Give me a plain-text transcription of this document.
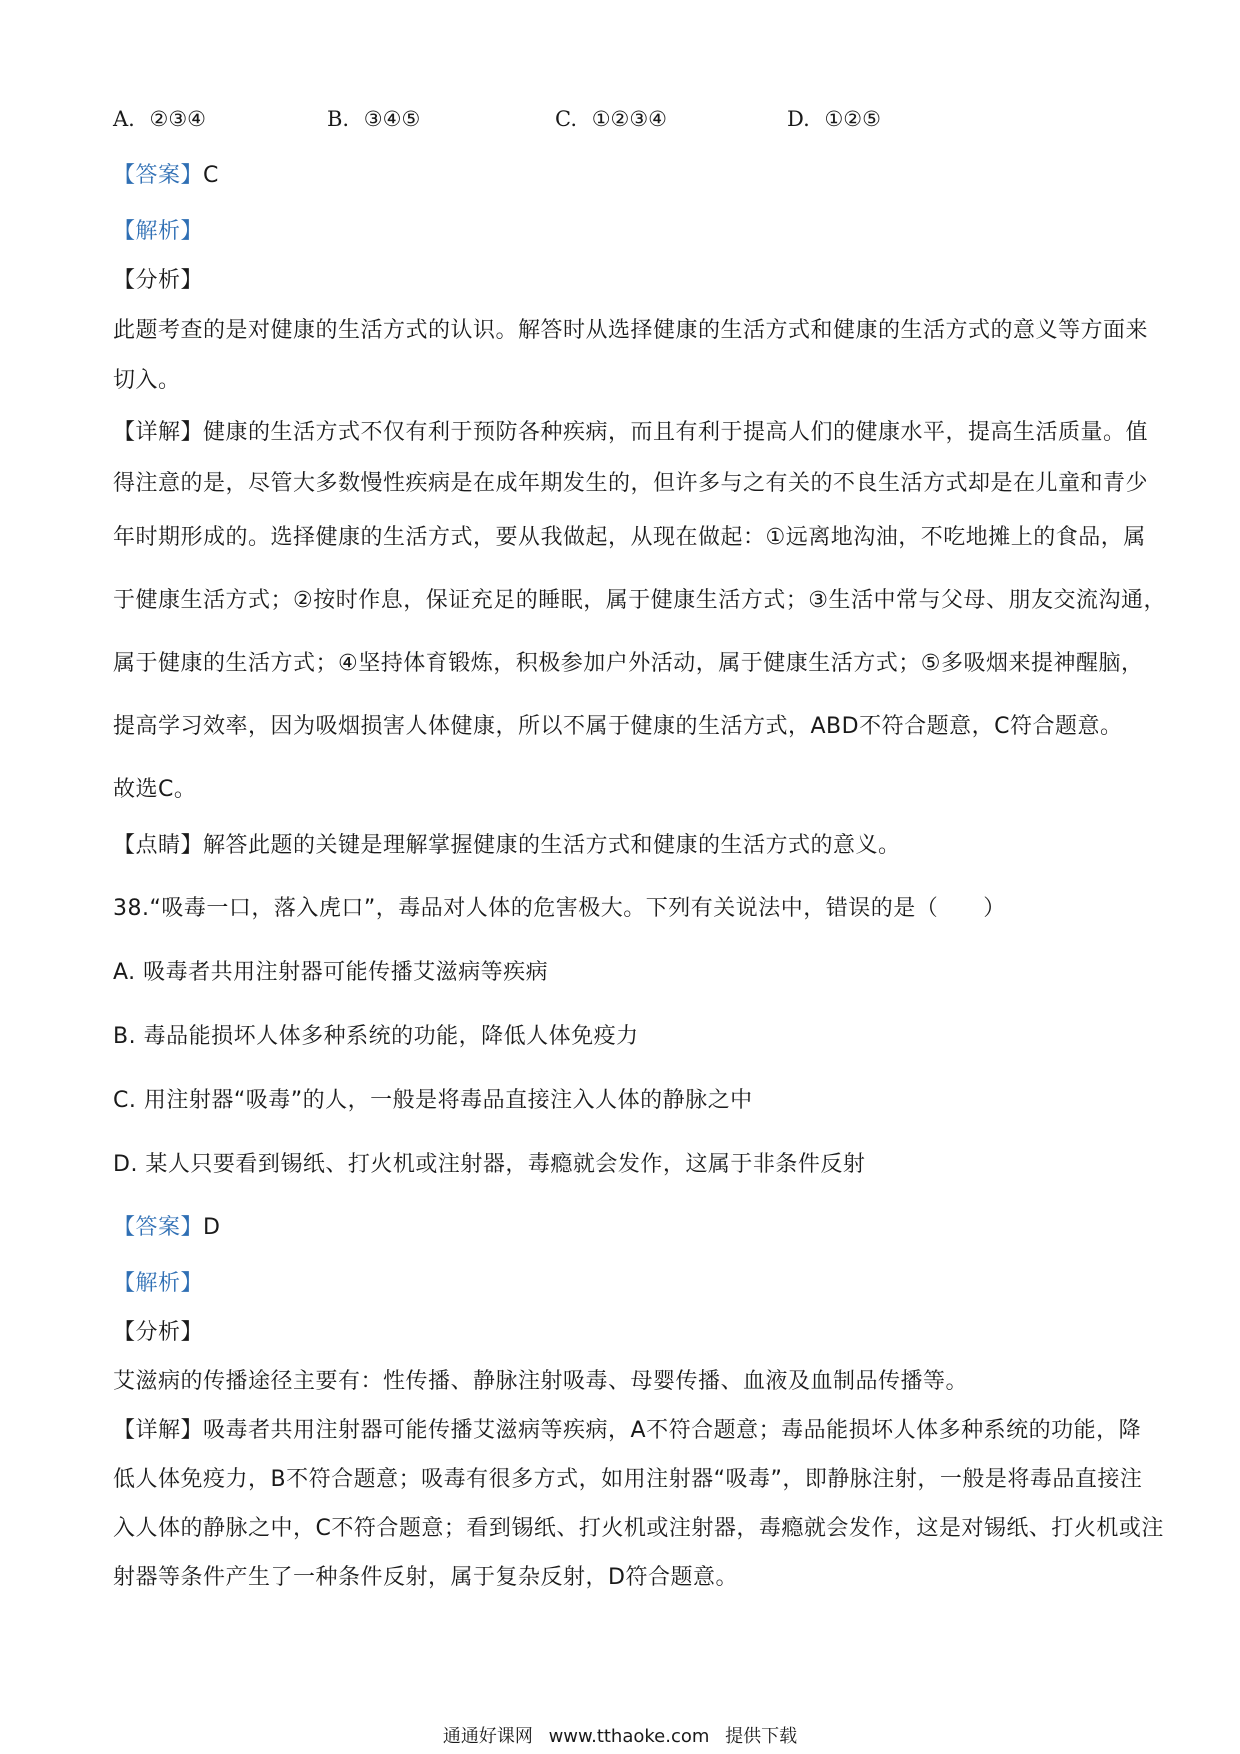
A. ②③④	B. ③④⑤	C. ①②③④	D. ①②⑤
【答案】C
【解析】
【分析】
此题考查的是对健康的生活方式的认识。解答时从选择健康的生活方式和健康的生活方式的意义等方面来
切入。
【详解】健康的生活方式不仅有利于预防各种疾病，而且有利于提高人们的健康水平，提高生活质量。值
得注意的是，尽管大多数慢性疾病是在成年期发生的，但许多与之有关的不良生活方式却是在儿童和青少
年时期形成的。选择健康的生活方式，要从我做起，从现在做起：①远离地沟油，不吃地摊上的食品，属
于健康生活方式；②按时作息，保证充足的睡眠，属于健康生活方式；③生活中常与父母、朋友交流沟通，
属于健康的生活方式；④坚持体育锻炼，积极参加户外活动，属于健康生活方式；⑤多吸烟来提神醒脑，
提高学习效率，因为吸烟损害人体健康，所以不属于健康的生活方式，ABD不符合题意，C符合题意。
故选C。
【点睛】解答此题的关键是理解掌握健康的生活方式和健康的生活方式的意义。
38.“吸毒一口，落入虎口”，毒品对人体的危害极大。下列有关说法中，错误的是（　　）
A. 吸毒者共用注射器可能传播艾滋病等疾病
B. 毒品能损坏人体多种系统的功能，降低人体免疫力
C. 用注射器“吸毒”的人，一般是将毒品直接注入人体的静脉之中
D. 某人只要看到锡纸、打火机或注射器，毒瘾就会发作，这属于非条件反射
【答案】D
【解析】
【分析】
艾滋病的传播途径主要有：性传播、静脉注射吸毒、母婴传播、血液及血制品传播等。
【详解】吸毒者共用注射器可能传播艾滋病等疾病，A不符合题意；毒品能损坏人体多种系统的功能，降
低人体免疫力，B不符合题意；吸毒有很多方式，如用注射器“吸毒”，即静脉注射，一般是将毒品直接注
入人体的静脉之中，C不符合题意；看到锡纸、打火机或注射器，毒瘾就会发作，这是对锡纸、打火机或注
射器等条件产生了一种条件反射，属于复杂反射，D符合题意。
通通好课网 www.tthaoke.com 提供下载
